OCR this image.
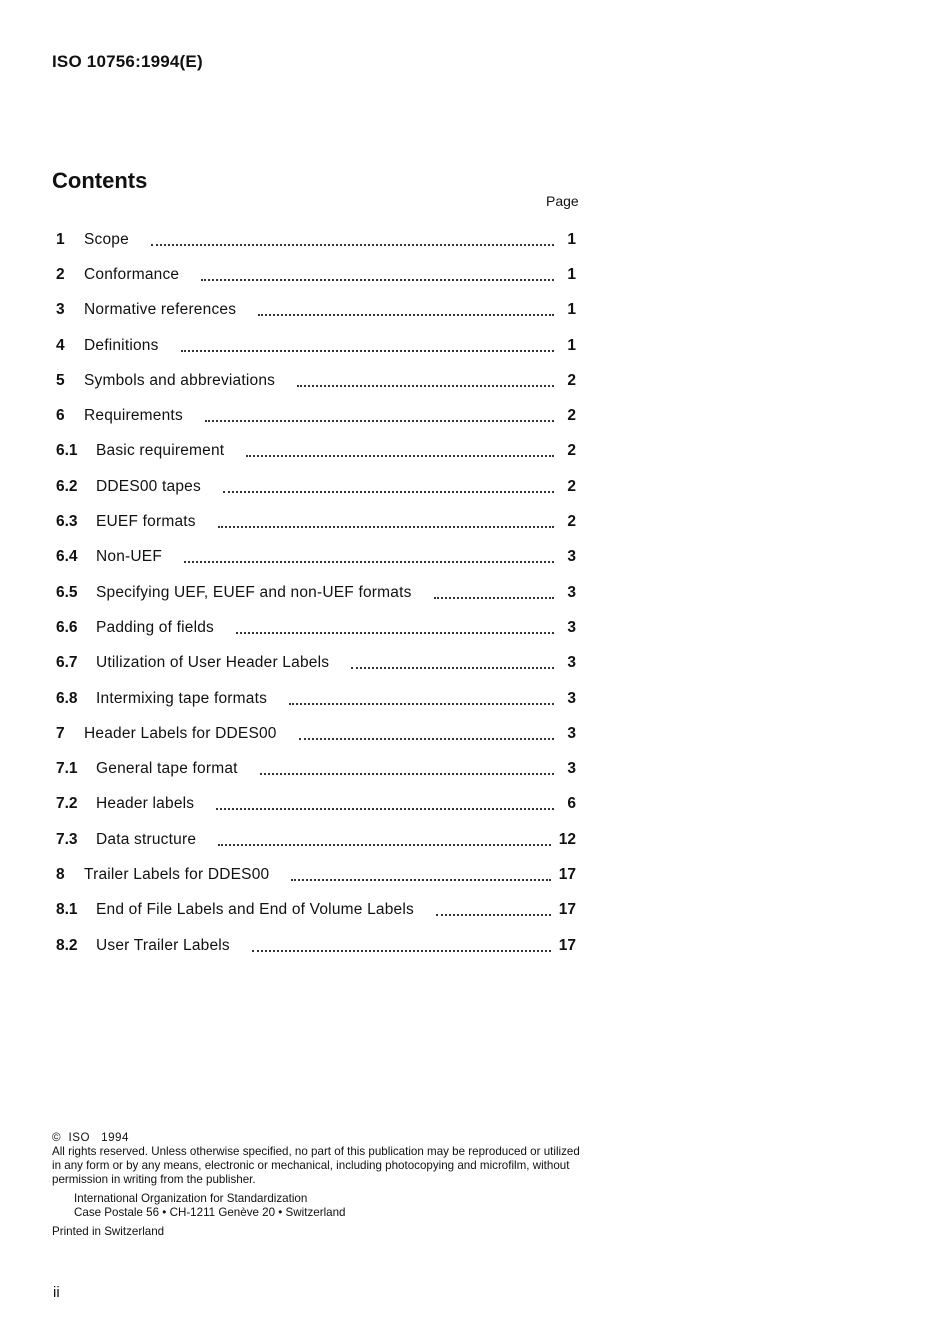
ISO 10756:1994(E)
Contents
Page
1	Scope	1
2	Conformance	1
3	Normative references	1
4	Definitions	1
5	Symbols and abbreviations	2
6	Requirements	2
6.1	Basic requirement	2
6.2	DDES00 tapes	2
6.3	EUEF formats	2
6.4	Non-UEF	3
6.5	Specifying UEF, EUEF and non-UEF formats	3
6.6	Padding of fields	3
6.7	Utilization of User Header Labels	3
6.8	Intermixing tape formats	3
7	Header Labels for DDES00	3
7.1	General tape format	3
7.2	Header labels	6
7.3	Data structure	12
8	Trailer Labels for DDES00	17
8.1	End of File Labels and End of Volume Labels	17
8.2	User Trailer Labels	17

© ISO 1994

All rights reserved. Unless otherwise specified, no part of this publication may be reproduced or utilized in any form or by any means, electronic or mechanical, including photocopying and microfilm, without permission in writing from the publisher.

International Organization for Standardization

Case Postale 56 • CH-1211 Genève 20 • Switzerland

Printed in Switzerland

ii
